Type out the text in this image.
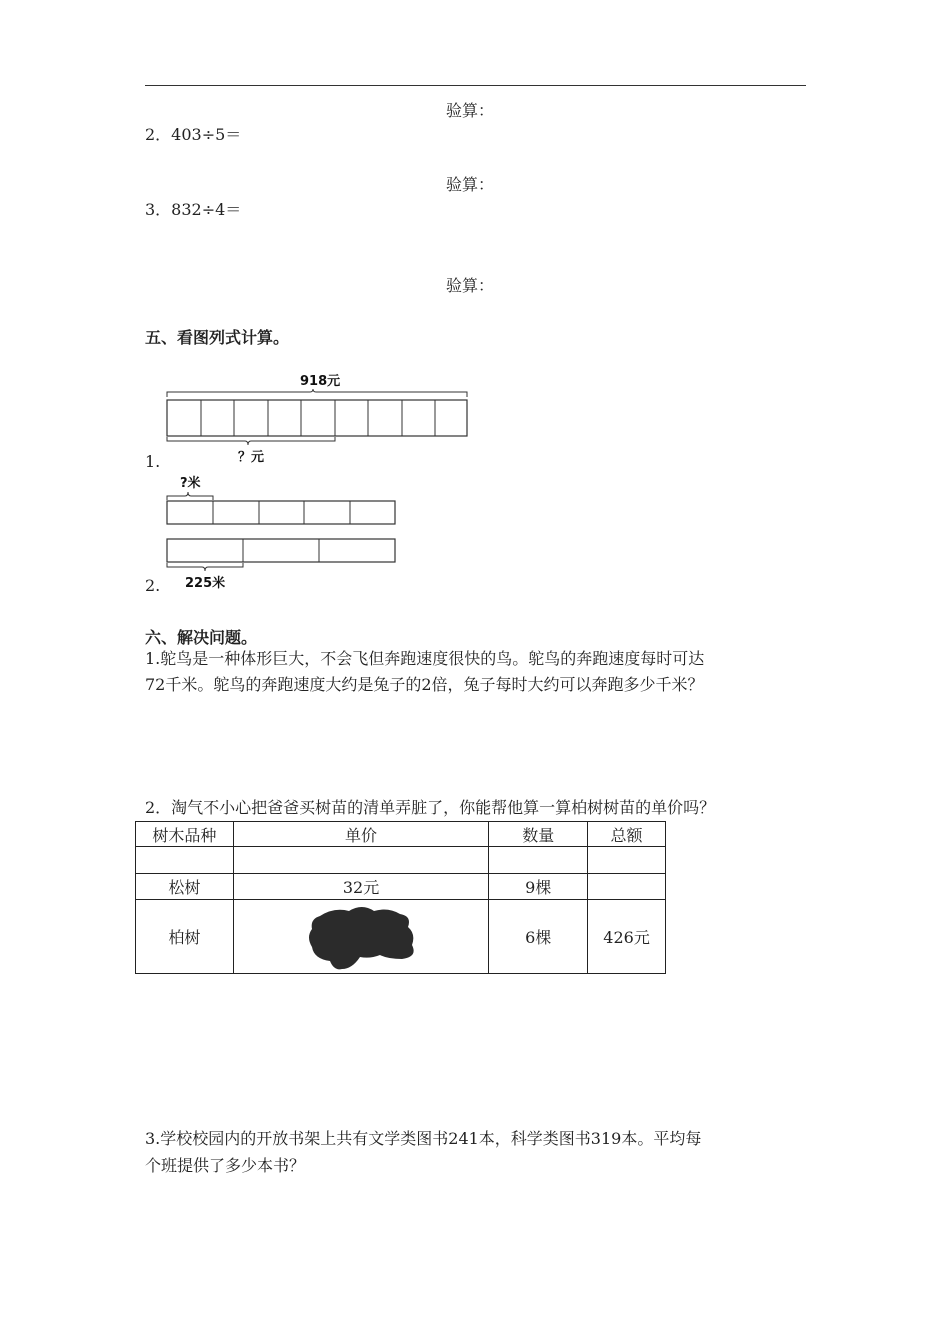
验算：
2．403÷5＝
验算：
3．832÷4＝
验算：
五、看图列式计算。
918元
？元
1.
?米
225米
2.
六、解决问题。
1.鸵鸟是一种体形巨大，不会飞但奔跑速度很快的鸟。鸵鸟的奔跑速度每时可达
72千米。鸵鸟的奔跑速度大约是兔子的2倍，兔子每时大约可以奔跑多少千米？
2．淘气不小心把爸爸买树苗的清单弄脏了，你能帮他算一算柏树树苗的单价吗？
树木品种	单价	数量	总额

松树	32元	9棵	
柏树		6棵	426元
3.学校校园内的开放书架上共有文学类图书241本，科学类图书319本。平均每
个班提供了多少本书？
